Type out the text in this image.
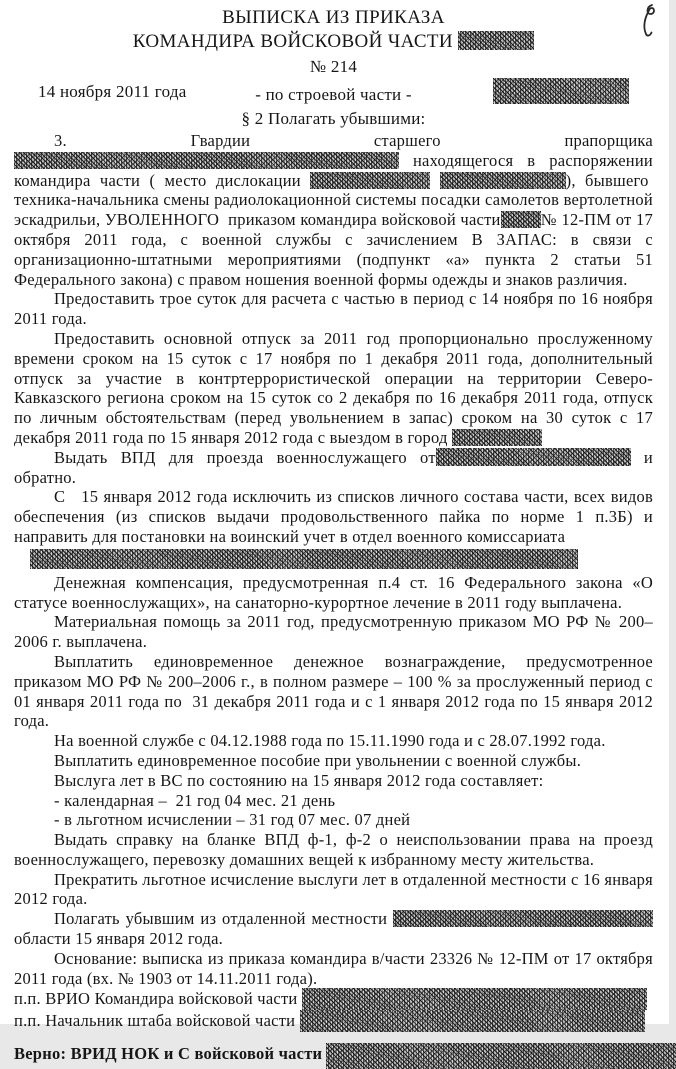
ВЫПИСКА ИЗ ПРИКАЗА
КОМАНДИРА ВОЙСКОВОЙ ЧАСТИ
№ 214
14 ноября 2011 года	- по строевой части -
§ 2 Полагать убывшими:

3. Гвардии старшего прапорщика  находящегося в распоряжении командира части ( место дислокации	), бывшего  техника-начальника смены радиолокационной системы посадки самолетов вертолетной эскадрильи, УВОЛЕННОГО  приказом командира войсковой части № 12-ПМ от 17 октября 2011 года, с военной службы с зачислением В ЗАПАС: в связи с организационно-штатными мероприятиями (подпункт «а» пункта 2 статьи 51 Федерального закона) с правом ношения военной формы одежды и знаков различия.

Предоставить трое суток для расчета с частью в период с 14 ноября по 16 ноября 2011 года.

Предоставить основной отпуск за 2011 год пропорционально прослуженному времени сроком на 15 суток с 17 ноября по 1 декабря 2011 года, дополнительный отпуск за участие в контртеррористической операции на территории Северо-Кавказского региона сроком на 15 суток со 2 декабря по 16 декабря 2011 года, отпуск по личным обстоятельствам (перед увольнением в запас) сроком на 30 суток с 17 декабря 2011 года по 15 января 2012 года с выездом в город

Выдать ВПД для проезда военнослужащего от	и обратно.

С   15 января 2012 года исключить из списков личного состава части, всех видов обеспечения (из списков выдачи продовольственного пайка по норме 1 п.3Б) и направить для постановки на воинский учет в отдел военного комиссариата

Денежная компенсация, предусмотренная п.4 ст. 16 Федерального закона «О статусе военнослужащих», на санаторно-курортное лечение в 2011 году выплачена.

Материальная помощь за 2011 год, предусмотренную приказом МО РФ № 200–2006 г. выплачена.

Выплатить единовременное денежное вознаграждение, предусмотренное приказом МО РФ № 200–2006 г., в полном размере – 100 % за прослуженный период с 01 января 2011 года по  31 декабря 2011 года и с 1 января 2012 года по 15 января 2012 года.

На военной службе с 04.12.1988 года по 15.11.1990 года и с 28.07.1992 года.

Выплатить единовременное пособие при увольнении с военной службы.

Выслуга лет в ВС по состоянию на 15 января 2012 года составляет:

- календарная –  21 год 04 мес. 21 день

- в льготном исчислении – 31 год 07 мес. 07 дней

Выдать справку на бланке ВПД ф-1, ф-2 о неиспользовании права на проезд военнослужащего, перевозку домашних вещей к избранному месту жительства.

Прекратить льготное исчисление выслуги лет в отдаленной местности с 16 января 2012 года.

Полагать убывшим из отдаленной местности  области 15 января 2012 года.

Основание: выписка из приказа командира в/части 23326 № 12-ПМ от 17 октября 2011 года (вх. № 1903 от 14.11.2011 года).

п.п. ВРИО Командира войсковой части
п.п. Начальник штаба войсковой части
Верно:
ВРИД НОК и С войсковой части
